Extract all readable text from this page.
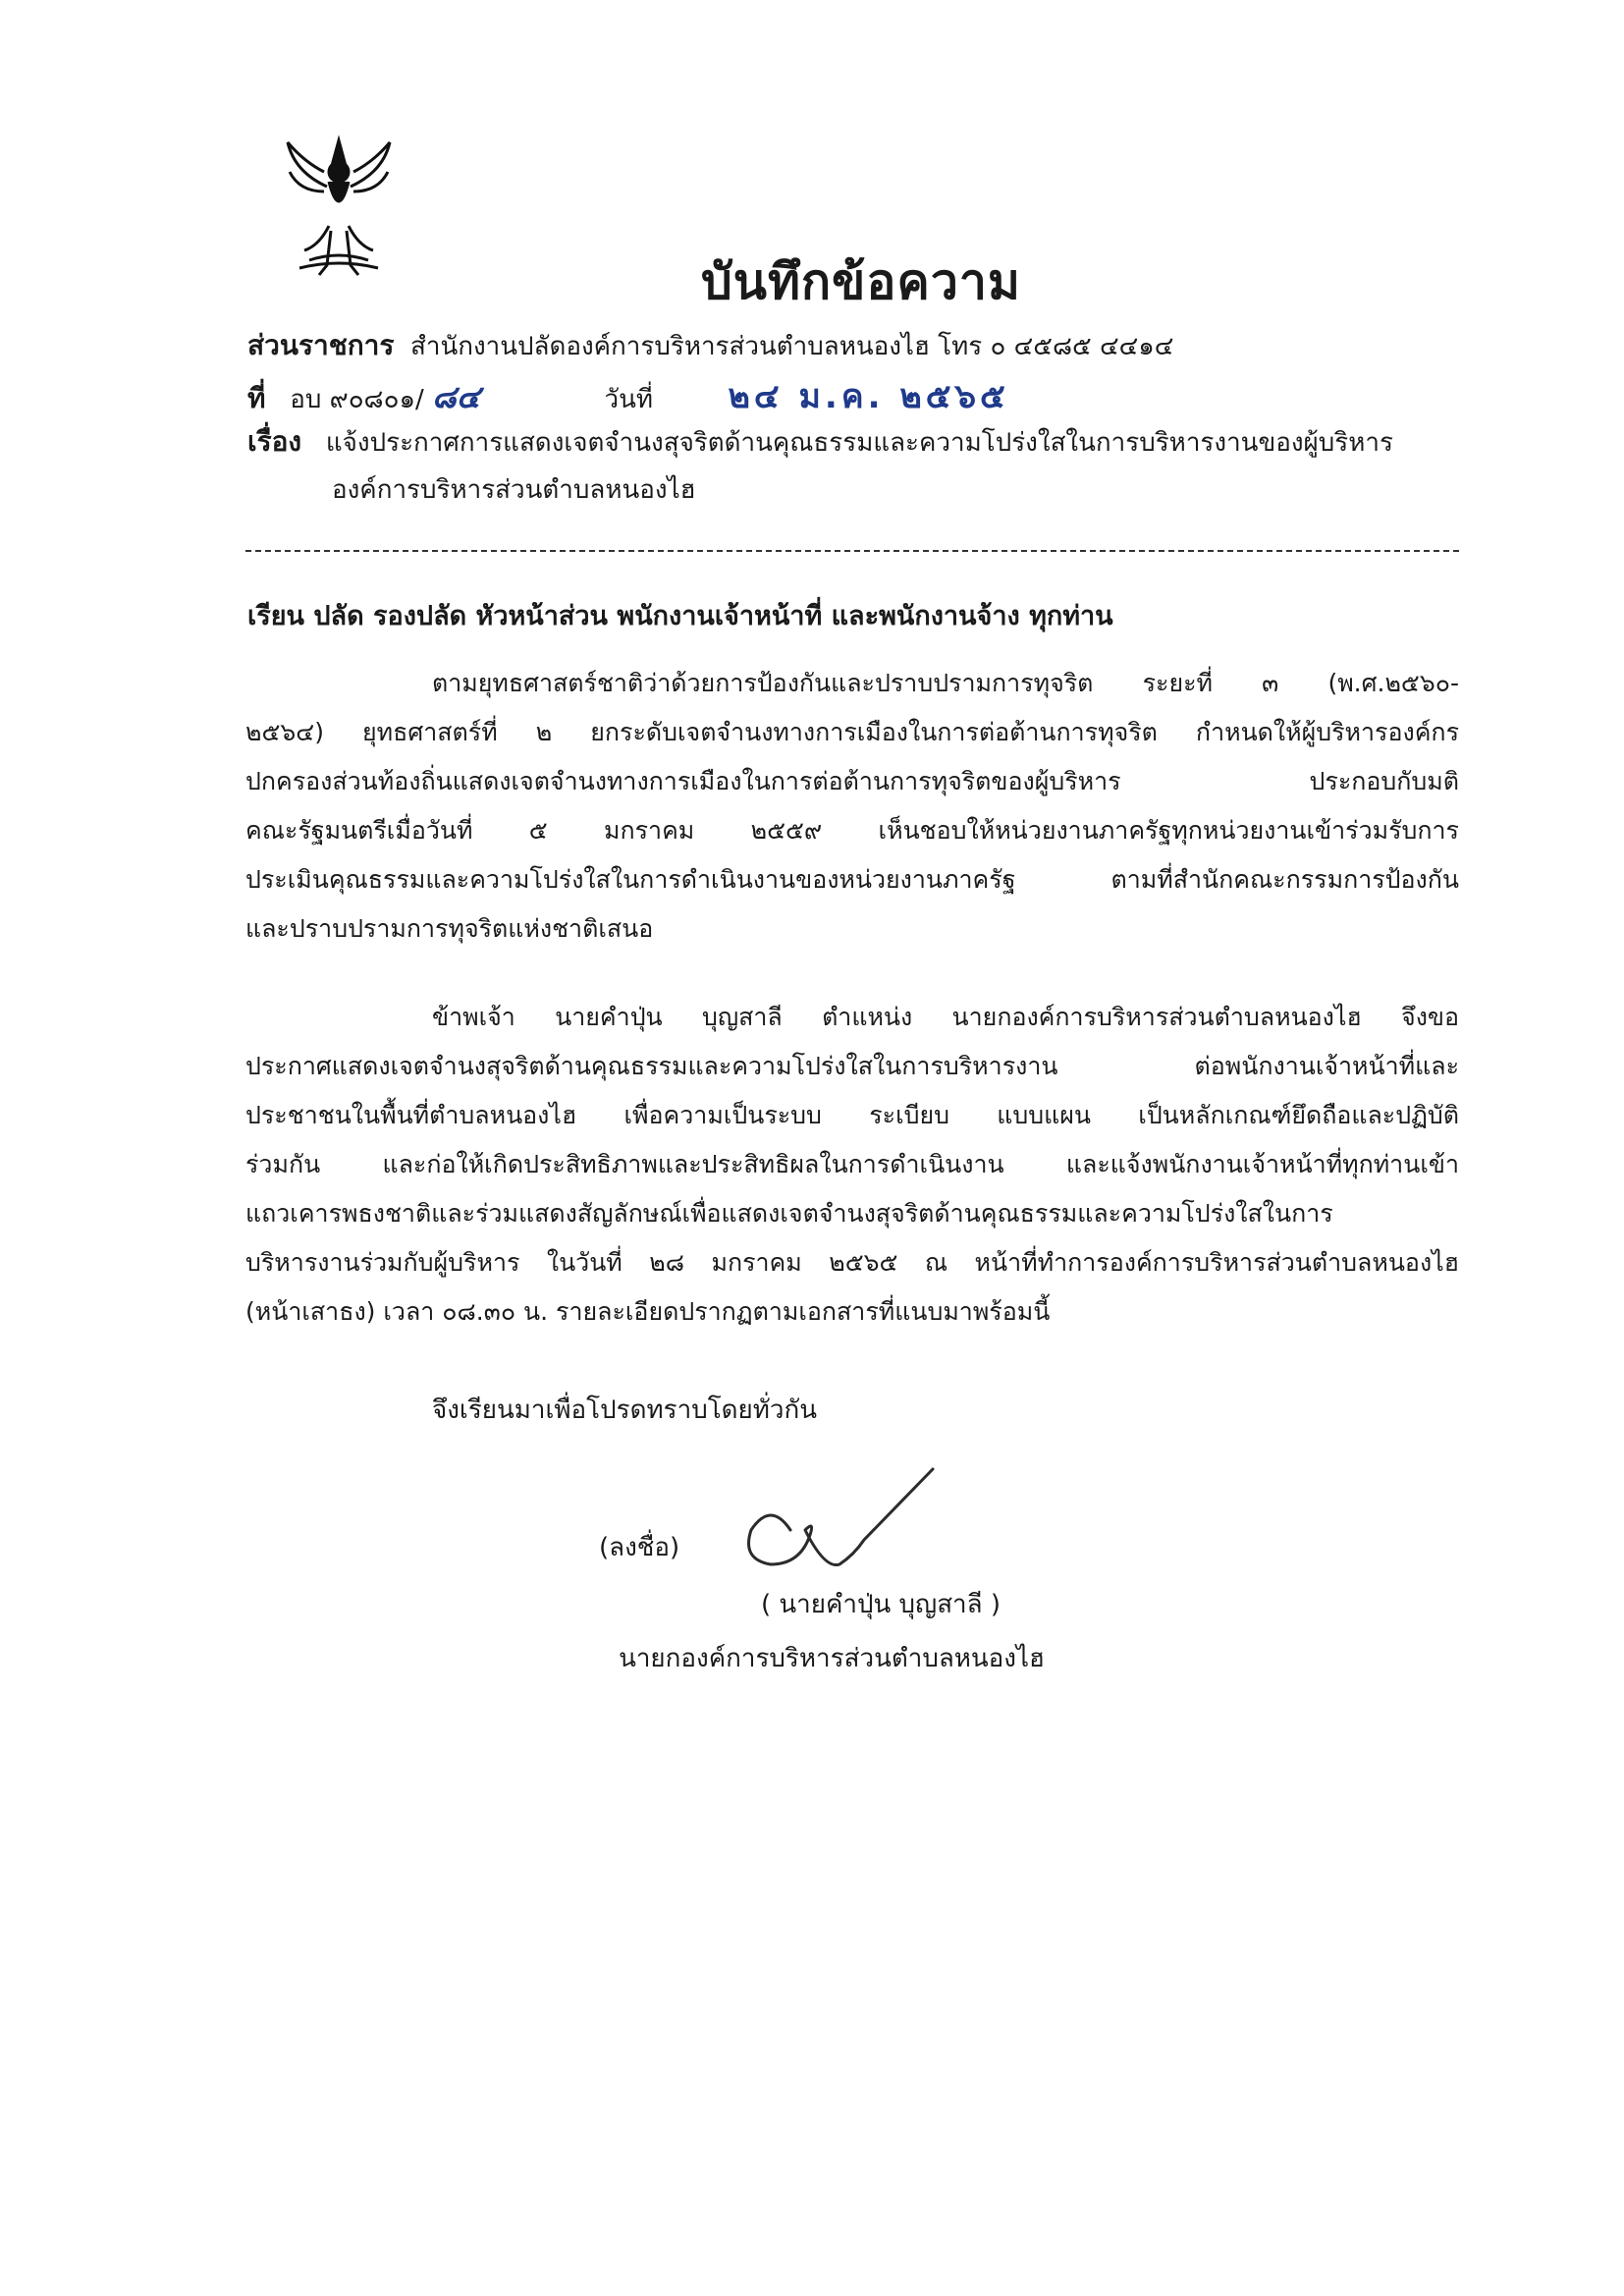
บันทึกข้อความ
ส่วนราชการ สำนักงานปลัดองค์การบริหารส่วนตำบลหนองไฮ โทร ๐ ๔๕๘๕ ๔๔๑๔
ที่ อบ ๙๐๘๐๑/ ๘๔	วันที่ ๒๔ ม.ค. ๒๕๖๕
เรื่อง แจ้งประกาศการแสดงเจตจำนงสุจริตด้านคุณธรรมและความโปร่งใสในการบริหารงานของผู้บริหาร
องค์การบริหารส่วนตำบลหนองไฮ
เรียน ปลัด รองปลัด หัวหน้าส่วน พนักงานเจ้าหน้าที่ และพนักงานจ้าง ทุกท่าน
ตามยุทธศาสตร์ชาติว่าด้วยการป้องกันและปราบปรามการทุจริต ระยะที่ ๓ (พ.ศ.๒๕๖๐-
๒๕๖๔) ยุทธศาสตร์ที่ ๒ ยกระดับเจตจำนงทางการเมืองในการต่อต้านการทุจริต กำหนดให้ผู้บริหารองค์กร
ปกครองส่วนท้องถิ่นแสดงเจตจำนงทางการเมืองในการต่อต้านการทุจริตของผู้บริหาร ประกอบกับมติ
คณะรัฐมนตรีเมื่อวันที่ ๕ มกราคม ๒๕๕๙ เห็นชอบให้หน่วยงานภาครัฐทุกหน่วยงานเข้าร่วมรับการ
ประเมินคุณธรรมและความโปร่งใสในการดำเนินงานของหน่วยงานภาครัฐ ตามที่สำนักคณะกรรมการป้องกัน
และปราบปรามการทุจริตแห่งชาติเสนอ
ข้าพเจ้า นายคำปุ่น บุญสาลี ตำแหน่ง นายกองค์การบริหารส่วนตำบลหนองไฮ จึงขอ
ประกาศแสดงเจตจำนงสุจริตด้านคุณธรรมและความโปร่งใสในการบริหารงาน ต่อพนักงานเจ้าหน้าที่และ
ประชาชนในพื้นที่ตำบลหนองไฮ เพื่อความเป็นระบบ ระเบียบ แบบแผน เป็นหลักเกณฑ์ยึดถือและปฏิบัติ
ร่วมกัน และก่อให้เกิดประสิทธิภาพและประสิทธิผลในการดำเนินงาน และแจ้งพนักงานเจ้าหน้าที่ทุกท่านเข้า
แถวเคารพธงชาติและร่วมแสดงสัญลักษณ์เพื่อแสดงเจตจำนงสุจริตด้านคุณธรรมและความโปร่งใสในการ
บริหารงานร่วมกับผู้บริหาร ในวันที่ ๒๘ มกราคม ๒๕๖๕ ณ หน้าที่ทำการองค์การบริหารส่วนตำบลหนองไฮ
(หน้าเสาธง) เวลา ๐๘.๓๐ น. รายละเอียดปรากฏตามเอกสารที่แนบมาพร้อมนี้
จึงเรียนมาเพื่อโปรดทราบโดยทั่วกัน
(ลงชื่อ)
( นายคำปุ่น บุญสาลี )
นายกองค์การบริหารส่วนตำบลหนองไฮ
